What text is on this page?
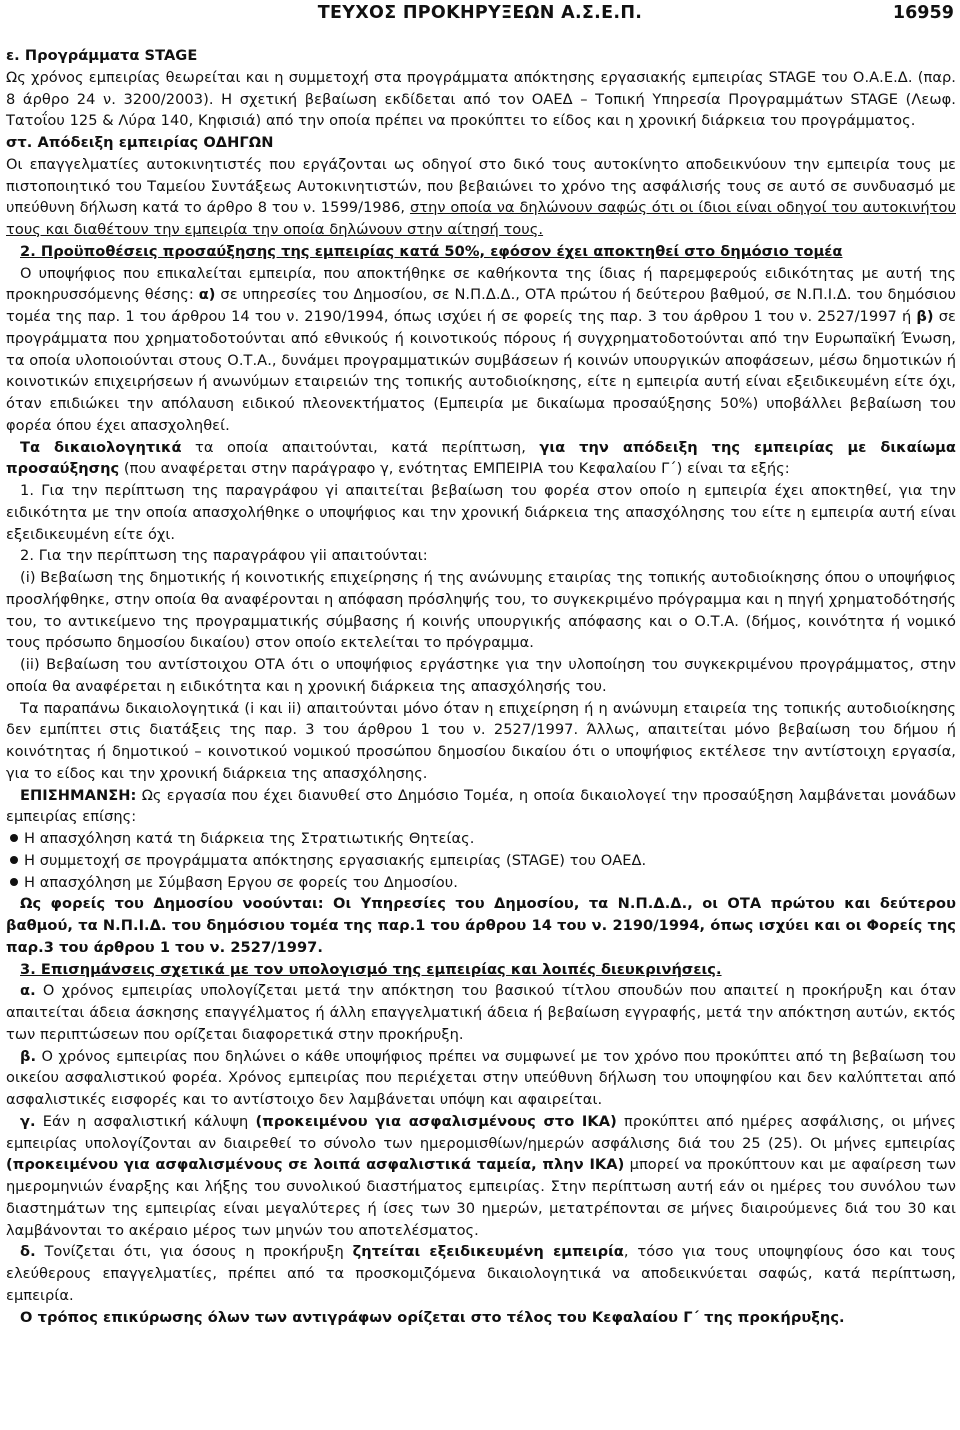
ΤΕΥΧΟΣ ΠΡΟΚΗΡΥΞΕΩΝ Α.Σ.Ε.Π.	16959

ε. Προγράμματα STAGE

Ως χρόνος εμπειρίας θεωρείται και η συμμετοχή στα προγράμματα απόκτησης εργασιακής εμπειρίας STAGE του Ο.Α.Ε.Δ. (παρ. 8 άρθρο 24 ν. 3200/2003). Η σχετική βεβαίωση εκδίδεται από τον ΟΑΕΔ – Τοπική Υπηρεσία Προγραμμάτων STAGE (Λεωφ. Τατοΐου 125 & Λύρα 140, Κηφισιά) από την οποία πρέπει να προκύπτει το είδος και η χρονική διάρκεια του προγράμματος.

στ. Απόδειξη εμπειρίας ΟΔΗΓΩΝ

Οι επαγγελματίες αυτοκινητιστές που εργάζονται ως οδηγοί στο δικό τους αυτοκίνητο αποδεικνύουν την εμπειρία τους με πιστοποιητικό του Ταμείου Συντάξεως Αυτοκινητιστών, που βεβαιώνει το χρόνο της ασφάλισής τους σε αυτό σε συνδυασμό με υπεύθυνη δήλωση κατά το άρθρο 8 του ν. 1599/1986, στην οποία να δηλώνουν σαφώς ότι οι ίδιοι είναι οδηγοί του αυτοκινήτου τους και διαθέτουν την εμπειρία την οποία δηλώνουν στην αίτησή τους.

2. Προϋποθέσεις προσαύξησης της εμπειρίας κατά 50%, εφόσον έχει αποκτηθεί στο δημόσιο τομέα

Ο υποψήφιος που επικαλείται εμπειρία, που αποκτήθηκε σε καθήκοντα της ίδιας ή παρεμφερούς ειδικότητας με αυτή της προκηρυσσόμενης θέσης: α) σε υπηρεσίες του Δημοσίου, σε Ν.Π.Δ.Δ., ΟΤΑ πρώτου ή δεύτερου βαθμού, σε Ν.Π.Ι.Δ. του δημόσιου τομέα της παρ. 1 του άρθρου 14 του ν. 2190/1994, όπως ισχύει ή σε φορείς της παρ. 3 του άρθρου 1 του ν. 2527/1997 ή β) σε προγράμματα που χρηματοδοτούνται από εθνικούς ή κοινοτικούς πόρους ή συγχρηματοδοτούνται από την Ευρωπαϊκή Ένωση, τα οποία υλοποιούνται στους Ο.Τ.Α., δυνάμει προγραμματικών συμβάσεων ή κοινών υπουργικών αποφάσεων, μέσω δημοτικών ή κοινοτικών επιχειρήσεων ή ανωνύμων εταιρειών της τοπικής αυτοδιοίκησης, είτε η εμπειρία αυτή είναι εξειδικευμένη είτε όχι, όταν επιδιώκει την απόλαυση ειδικού πλεονεκτήματος (Εμπειρία με δικαίωμα προσαύξησης 50%) υποβάλλει βεβαίωση του φορέα όπου έχει απασχοληθεί.

Τα δικαιολογητικά τα οποία απαιτούνται, κατά περίπτωση, για την απόδειξη της εμπειρίας με δικαίωμα προσαύξησης (που αναφέρεται στην παράγραφο γ, ενότητας ΕΜΠΕΙΡΙΑ του Κεφαλαίου Γ΄) είναι τα εξής:

1. Για την περίπτωση της παραγράφου γi απαιτείται βεβαίωση του φορέα στον οποίο η εμπειρία έχει αποκτηθεί, για την ειδικότητα με την οποία απασχολήθηκε ο υποψήφιος και την χρονική διάρκεια της απασχόλησης του είτε η εμπειρία αυτή είναι εξειδικευμένη είτε όχι.

2. Για την περίπτωση της παραγράφου γii απαιτούνται:

(i) Βεβαίωση της δημοτικής ή κοινοτικής επιχείρησης ή της ανώνυμης εταιρίας της τοπικής αυτοδιοίκησης όπου ο υποψήφιος προσλήφθηκε, στην οποία θα αναφέρονται η απόφαση πρόσληψής του, το συγκεκριμένο πρόγραμμα και η πηγή χρηματοδότησής του, το αντικείμενο της προγραμματικής σύμβασης ή κοινής υπουργικής απόφασης και ο Ο.Τ.Α. (δήμος, κοινότητα ή νομικό τους πρόσωπο δημοσίου δικαίου) στον οποίο εκτελείται το πρόγραμμα.

(ii) Βεβαίωση του αντίστοιχου ΟΤΑ ότι ο υποψήφιος εργάστηκε για την υλοποίηση του συγκεκριμένου προγράμματος, στην οποία θα αναφέρεται η ειδικότητα και η χρονική διάρκεια της απασχόλησής του.

Τα παραπάνω δικαιολογητικά (i και ii) απαιτούνται μόνο όταν η επιχείρηση ή η ανώνυμη εταιρεία της τοπικής αυτοδιοίκησης δεν εμπίπτει στις διατάξεις της παρ. 3 του άρθρου 1 του ν. 2527/1997. Άλλως, απαιτείται μόνο βεβαίωση του δήμου ή κοινότητας ή δημοτικού – κοινοτικού νομικού προσώπου δημοσίου δικαίου ότι ο υποψήφιος εκτέλεσε την αντίστοιχη εργασία, για το είδος και την χρονική διάρκεια της απασχόλησης.

ΕΠΙΣΗΜΑΝΣΗ: Ως εργασία που έχει διανυθεί στο Δημόσιο Τομέα, η οποία δικαιολογεί την προσαύξηση λαμβάνεται μονάδων εμπειρίας επίσης:

Η απασχόληση κατά τη διάρκεια της Στρατιωτικής Θητείας.
Η συμμετοχή σε προγράμματα απόκτησης εργασιακής εμπειρίας (STAGE) του ΟΑΕΔ.
Η απασχόληση με Σύμβαση Εργου σε φορείς του Δημοσίου.

Ως φορείς του Δημοσίου νοούνται: Οι Υπηρεσίες του Δημοσίου, τα Ν.Π.Δ.Δ., οι ΟΤΑ πρώτου και δεύτερου βαθμού, τα Ν.Π.Ι.Δ. του δημόσιου τομέα της παρ.1 του άρθρου 14 του ν. 2190/1994, όπως ισχύει και οι Φορείς της παρ.3 του άρθρου 1 του ν. 2527/1997.

3. Επισημάνσεις σχετικά με τον υπολογισμό της εμπειρίας και λοιπές διευκρινήσεις.

α. Ο χρόνος εμπειρίας υπολογίζεται μετά την απόκτηση του βασικού τίτλου σπουδών που απαιτεί η προκήρυξη και όταν απαιτείται άδεια άσκησης επαγγέλματος ή άλλη επαγγελματική άδεια ή βεβαίωση εγγραφής, μετά την απόκτηση αυτών, εκτός των περιπτώσεων που ορίζεται διαφορετικά στην προκήρυξη.

β. Ο χρόνος εμπειρίας που δηλώνει ο κάθε υποψήφιος πρέπει να συμφωνεί με τον χρόνο που προκύπτει από τη βεβαίωση του οικείου ασφαλιστικού φορέα. Χρόνος εμπειρίας που περιέχεται στην υπεύθυνη δήλωση του υποψηφίου και δεν καλύπτεται από ασφαλιστικές εισφορές και το αντίστοιχο δεν λαμβάνεται υπόψη και αφαιρείται.

γ. Εάν η ασφαλιστική κάλυψη (προκειμένου για ασφαλισμένους στο ΙΚΑ) προκύπτει από ημέρες ασφάλισης, οι μήνες εμπειρίας υπολογίζονται αν διαιρεθεί το σύνολο των ημερομισθίων/ημερών ασφάλισης διά του 25 (25). Οι μήνες εμπειρίας (προκειμένου για ασφαλισμένους σε λοιπά ασφαλιστικά ταμεία, πλην ΙΚΑ) μπορεί να προκύπτουν και με αφαίρεση των ημερομηνιών έναρξης και λήξης του συνολικού διαστήματος εμπειρίας. Στην περίπτωση αυτή εάν οι ημέρες του συνόλου των διαστημάτων της εμπειρίας είναι μεγαλύτερες ή ίσες των 30 ημερών, μετατρέπονται σε μήνες διαιρούμενες διά του 30 και λαμβάνονται το ακέραιο μέρος των μηνών του αποτελέσματος.

δ. Τονίζεται ότι, για όσους η προκήρυξη ζητείται εξειδικευμένη εμπειρία, τόσο για τους υποψηφίους όσο και τους ελεύθερους επαγγελματίες, πρέπει από τα προσκομιζόμενα δικαιολογητικά να αποδεικνύεται σαφώς, κατά περίπτωση, εμπειρία.

Ο τρόπος επικύρωσης όλων των αντιγράφων ορίζεται στο τέλος του Κεφαλαίου Γ΄ της προκήρυξης.
